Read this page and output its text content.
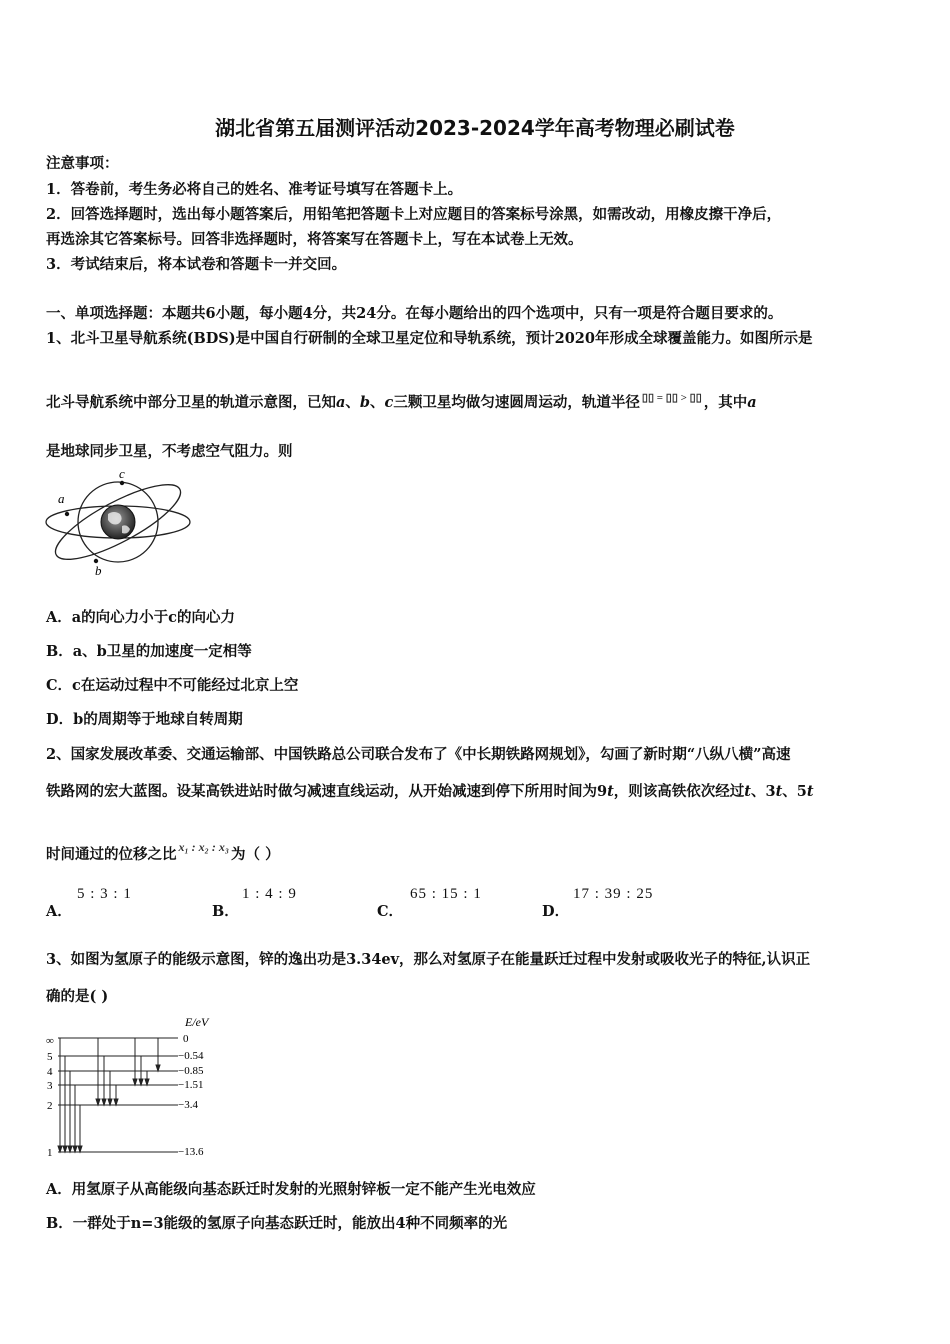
湖北省第五届测评活动2023-2024学年高考物理必刷试卷
注意事项：
1．答卷前，考生务必将自己的姓名、准考证号填写在答题卡上。
2．回答选择题时，选出每小题答案后，用铅笔把答题卡上对应题目的答案标号涂黑，如需改动，用橡皮擦干净后，
再选涂其它答案标号。回答非选择题时，将答案写在答题卡上，写在本试卷上无效。
3．考试结束后，将本试卷和答题卡一并交回。
一、单项选择题：本题共6小题，每小题4分，共24分。在每小题给出的四个选项中，只有一项是符合题目要求的。
1、北斗卫星导航系统(BDS)是中国自行研制的全球卫星定位和导轨系统，预计2020年形成全球覆盖能力。如图所示是
北斗导航系统中部分卫星的轨道示意图，已知a、b、c三颗卫星均做匀速圆周运动，轨道半径 ▯▯ = ▯▯ > ▯▯ ，其中a
是地球同步卫星，不考虑空气阻力。则
a
c
b
A．a的向心力小于c的向心力
B．a、b卫星的加速度一定相等
C．c在运动过程中不可能经过北京上空
D．b的周期等于地球自转周期
2、国家发展改革委、交通运输部、中国铁路总公司联合发布了《中长期铁路网规划》，勾画了新时期“八纵八横”高速
铁路网的宏大蓝图。设某高铁进站时做匀减速直线运动，从开始减速到停下所用时间为9t，则该高铁依次经过t、3t、5t
时间通过的位移之比 $^{x_1 : x_2 : x_3}$ 为（ ）
A．
5 : 3 : 1
B．
1 : 4 : 9
C．
65 : 15 : 1
D．
17 : 39 : 25
3、如图为氢原子的能级示意图，锌的逸出功是3.34ev，那么对氢原子在能量跃迁过程中发射或吸收光子的特征,认识正
确的是( )
E/eV
∞
5
4
3
2
1
0
−0.54
−0.85
−1.51
−3.4
−13.6
A．用氢原子从高能级向基态跃迁时发射的光照射锌板一定不能产生光电效应
B．一群处于n=3能级的氢原子向基态跃迁时，能放出4种不同频率的光
